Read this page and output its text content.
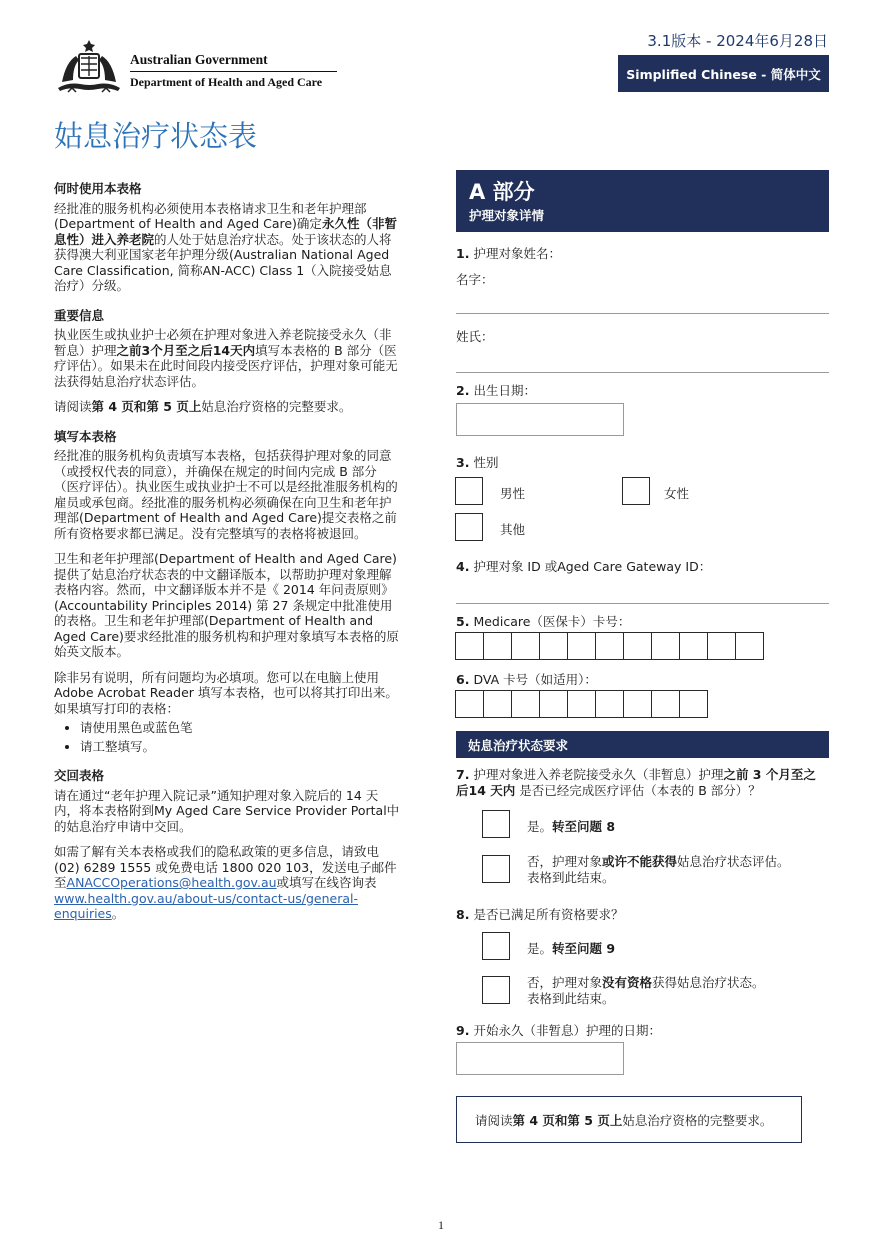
Australian Government
Department of Health and Aged Care
3.1版本 - 2024年6月28日
Simplified Chinese - 简体中文
姑息治疗状态表
何时使用本表格

经批准的服务机构必须使用本表格请求卫生和老年护理部(Department of Health and Aged Care)确定永久性（非暂息性）进入养老院的人处于姑息治疗状态。处于该状态的人将获得澳大利亚国家老年护理分级(Australian National Aged Care Classification, 简称AN-ACC) Class 1（入院接受姑息治疗）分级。

重要信息

执业医生或执业护士必须在护理对象进入养老院接受永久（非暂息）护理之前3个月至之后14天内填写本表格的 B 部分（医疗评估）。如果未在此时间段内接受医疗评估，护理对象可能无法获得姑息治疗状态评估。

请阅读第 4 页和第 5 页上姑息治疗资格的完整要求。

填写本表格

经批准的服务机构负责填写本表格，包括获得护理对象的同意（或授权代表的同意），并确保在规定的时间内完成 B 部分（医疗评估）。执业医生或执业护士不可以是经批准服务机构的雇员或承包商。经批准的服务机构必须确保在向卫生和老年护理部(Department of Health and Aged Care)提交表格之前所有资格要求都已满足。没有完整填写的表格将被退回。

卫生和老年护理部(Department of Health and Aged Care)提供了姑息治疗状态表的中文翻译版本，以帮助护理对象理解表格内容。然而，中文翻译版本并不是《 2014 年问责原则》(Accountability Principles 2014) 第 27 条规定中批准使用的表格。卫生和老年护理部(Department of Health and Aged Care)要求经批准的服务机构和护理对象填写本表格的原始英文版本。

除非另有说明，所有问题均为必填项。您可以在电脑上使用 Adobe Acrobat Reader 填写本表格，也可以将其打印出来。如果填写打印的表格：

• 请使用黑色或蓝色笔
• 请工整填写。
交回表格

请在通过“老年护理入院记录”通知护理对象入院后的 14 天内，将本表格附到My Aged Care Service Provider Portal中的姑息治疗申请中交回。

如需了解有关本表格或我们的隐私政策的更多信息，请致电 (02) 6289 1555 或免费电话 1800 020 103，发送电子邮件至ANACCOperations@health.gov.au或填写在线咨询表www.health.gov.au/about-us/contact-us/general-enquiries。

A 部分
护理对象详情
1. 护理对象姓名：
名字：
姓氏：
2. 出生日期：
3. 性别
男性	女性
其他
4. 护理对象 ID 或Aged Care Gateway ID：
5. Medicare（医保卡）卡号：
6. DVA 卡号（如适用）：
姑息治疗状态要求
7. 护理对象进入养老院接受永久（非暂息）护理之前 3 个月至之后14 天内 是否已经完成医疗评估（本表的 B 部分）？
是。转至问题 8
否，护理对象或许不能获得姑息治疗状态评估。
表格到此结束。
8. 是否已满足所有资格要求？
是。转至问题 9
否，护理对象没有资格获得姑息治疗状态。
表格到此结束。
9. 开始永久（非暂息）护理的日期：
请阅读 第 4 页和第 5 页上 姑息治疗资格的完整要求。
1
